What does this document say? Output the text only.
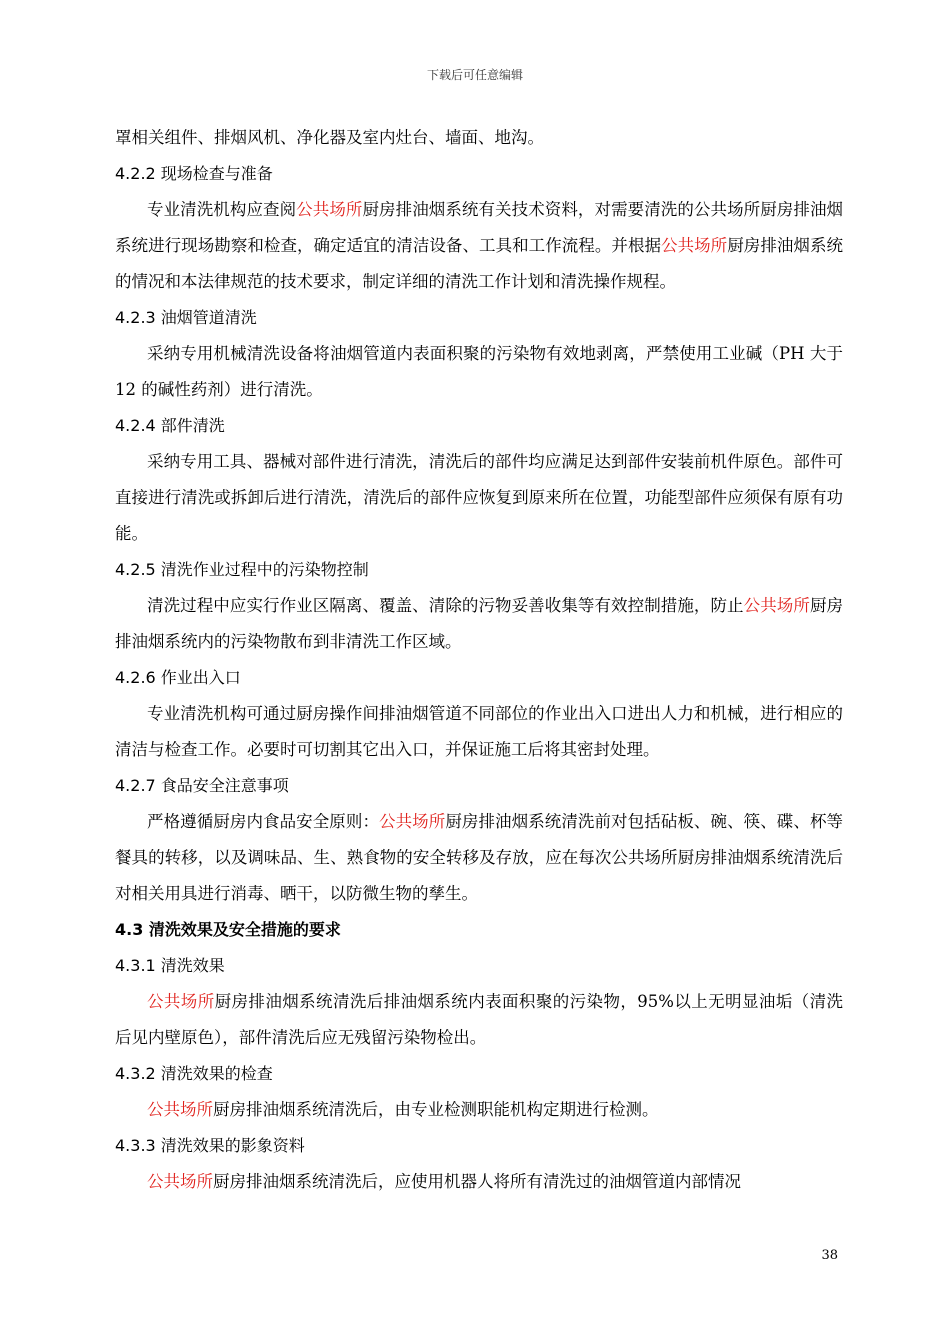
下载后可任意编辑

罩相关组件、排烟风机、净化器及室内灶台、墙面、地沟。

4.2.2 现场检查与准备

专业清洗机构应查阅公共场所厨房排油烟系统有关技术资料，对需要清洗的公共场所厨房排油烟系统进行现场勘察和检查，确定适宜的清洁设备、工具和工作流程。并根据公共场所厨房排油烟系统的情况和本法律规范的技术要求，制定详细的清洗工作计划和清洗操作规程。

4.2.3 油烟管道清洗

采纳专用机械清洗设备将油烟管道内表面积聚的污染物有效地剥离，严禁使用工业碱（PH 大于 12 的碱性药剂）进行清洗。

4.2.4 部件清洗

采纳专用工具、器械对部件进行清洗，清洗后的部件均应满足达到部件安装前机件原色。部件可直接进行清洗或拆卸后进行清洗，清洗后的部件应恢复到原来所在位置，功能型部件应须保有原有功能。

4.2.5 清洗作业过程中的污染物控制

清洗过程中应实行作业区隔离、覆盖、清除的污物妥善收集等有效控制措施，防止公共场所厨房排油烟系统内的污染物散布到非清洗工作区域。

4.2.6 作业出入口

专业清洗机构可通过厨房操作间排油烟管道不同部位的作业出入口进出人力和机械，进行相应的清洁与检查工作。必要时可切割其它出入口，并保证施工后将其密封处理。

4.2.7 食品安全注意事项

严格遵循厨房内食品安全原则：公共场所厨房排油烟系统清洗前对包括砧板、碗、筷、碟、杯等餐具的转移，以及调味品、生、熟食物的安全转移及存放，应在每次公共场所厨房排油烟系统清洗后对相关用具进行消毒、晒干，以防微生物的孳生。

4.3 清洗效果及安全措施的要求

4.3.1 清洗效果

公共场所厨房排油烟系统清洗后排油烟系统内表面积聚的污染物，95%以上无明显油垢（清洗后见内壁原色），部件清洗后应无残留污染物检出。

4.3.2 清洗效果的检查

公共场所厨房排油烟系统清洗后，由专业检测职能机构定期进行检测。

4.3.3 清洗效果的影象资料

公共场所厨房排油烟系统清洗后，应使用机器人将所有清洗过的油烟管道内部情况

38
